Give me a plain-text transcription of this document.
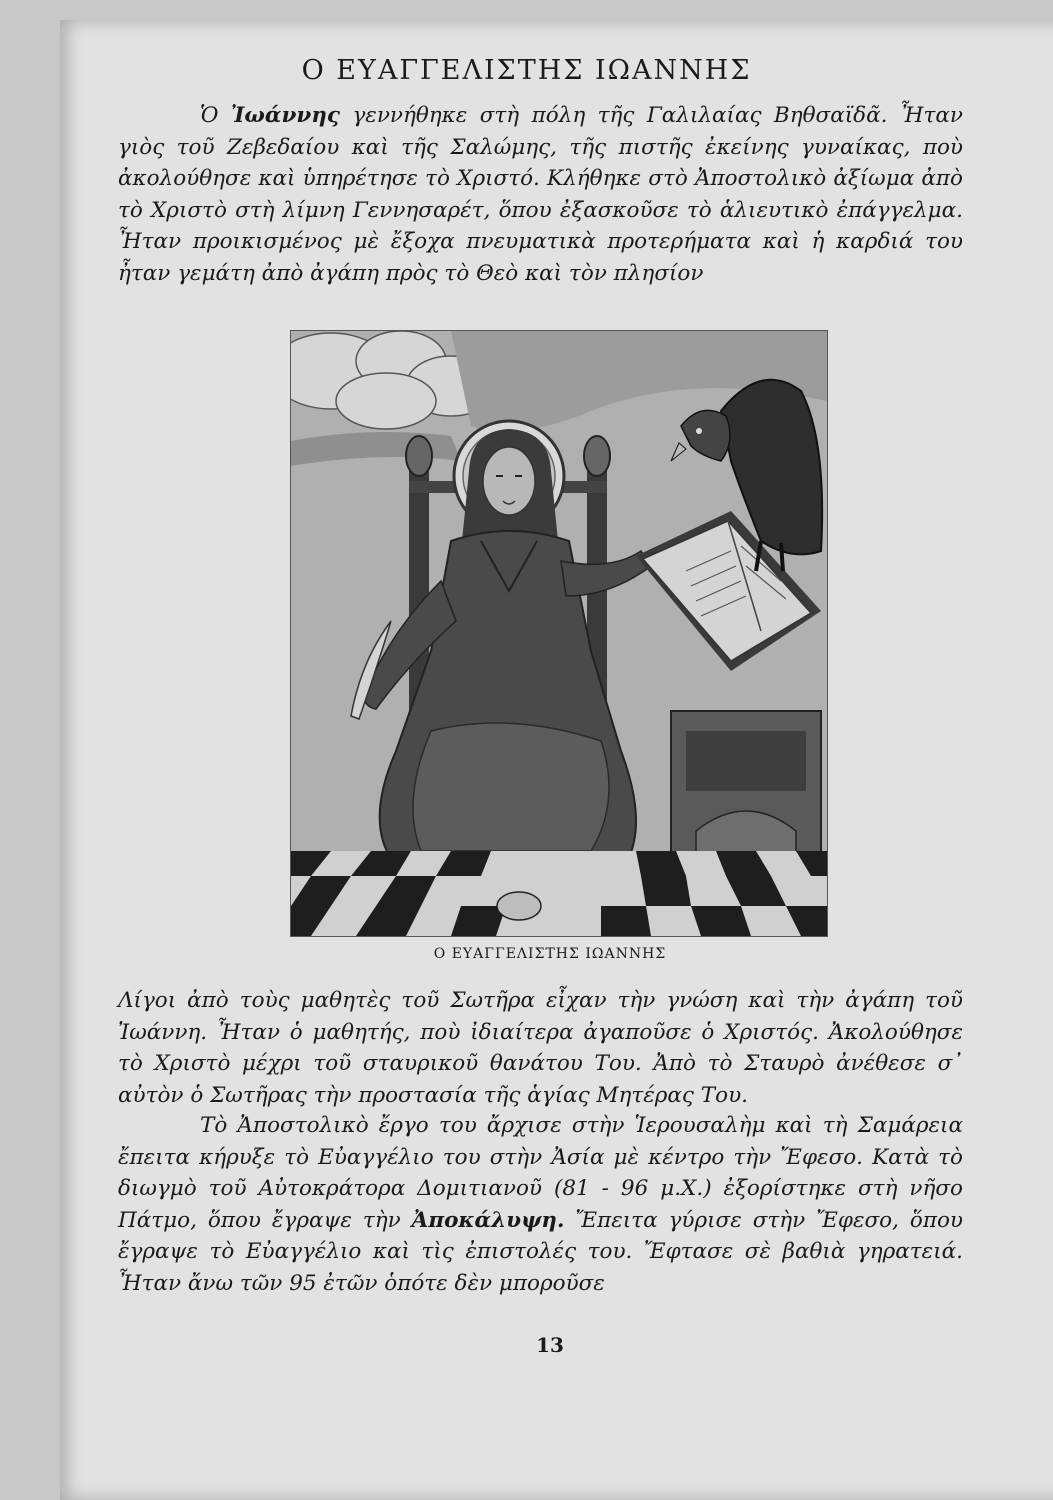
Ο ΕΥΑΓΓΕΛΙΣΤΗΣ ΙΩΑΝΝΗΣ
Ὁ Ἰωάννης γεννήθηκε στὴ πόλη τῆς Γαλιλαίας Βηθσαϊδᾶ. Ἦταν γιὸς τοῦ Ζεβεδαίου καὶ τῆς Σαλώμης, τῆς πιστῆς ἐκείνης γυναίκας, ποὺ ἀκολούθησε καὶ ὑπηρέτησε τὸ Χριστό. Κλήθηκε στὸ Ἀποστολικὸ ἀξίωμα ἀπὸ τὸ Χριστὸ στὴ λίμνη Γεννησαρέτ, ὅπου ἐξασκοῦσε τὸ ἁλιευτικὸ ἐπάγγελμα. Ἦταν προικισμένος μὲ ἔξοχα πνευματικὰ προτερήματα καὶ ἡ καρδιά του ἦταν γεμάτη ἀπὸ ἀγάπη πρὸς τὸ Θεὸ καὶ τὸν πλησίον
Ο ΕΥΑΓΓΕΛΙΣΤΗΣ ΙΩΑΝΝΗΣ
Λίγοι ἀπὸ τοὺς μαθητὲς τοῦ Σωτῆρα εἶχαν τὴν γνώση καὶ τὴν ἀγάπη τοῦ Ἰωάννη. Ἦταν ὁ μαθητής, ποὺ ἰδιαίτερα ἀγαποῦσε ὁ Χριστός. Ἀκολούθησε τὸ Χριστὸ μέχρι τοῦ σταυρικοῦ θανάτου Του. Ἀπὸ τὸ Σταυρὸ ἀνέθεσε σ᾽ αὐτὸν ὁ Σωτῆρας τὴν προστασία τῆς ἁγίας Μητέρας Του.
Τὸ Ἀποστολικὸ ἔργο του ἄρχισε στὴν Ἱερουσαλὴμ καὶ τὴ Σαμάρεια ἔπειτα κήρυξε τὸ Εὐαγγέλιο του στὴν Ἀσία μὲ κέντρο τὴν Ἔφεσο. Κατὰ τὸ διωγμὸ τοῦ Αὐτοκράτορα Δομιτιανοῦ (81 - 96 μ.Χ.) ἐξορίστηκε στὴ νῆσο Πάτμο, ὅπου ἔγραψε τὴν Ἀποκάλυψη. Ἔπειτα γύρισε στὴν Ἔφεσο, ὅπου ἔγραψε τὸ Εὐαγγέλιο καὶ τὶς ἐπιστολές του. Ἔφτασε σὲ βαθιὰ γηρατειά. Ἦταν ἄνω τῶν 95 ἐτῶν ὁπότε δὲν μποροῦσε
13
